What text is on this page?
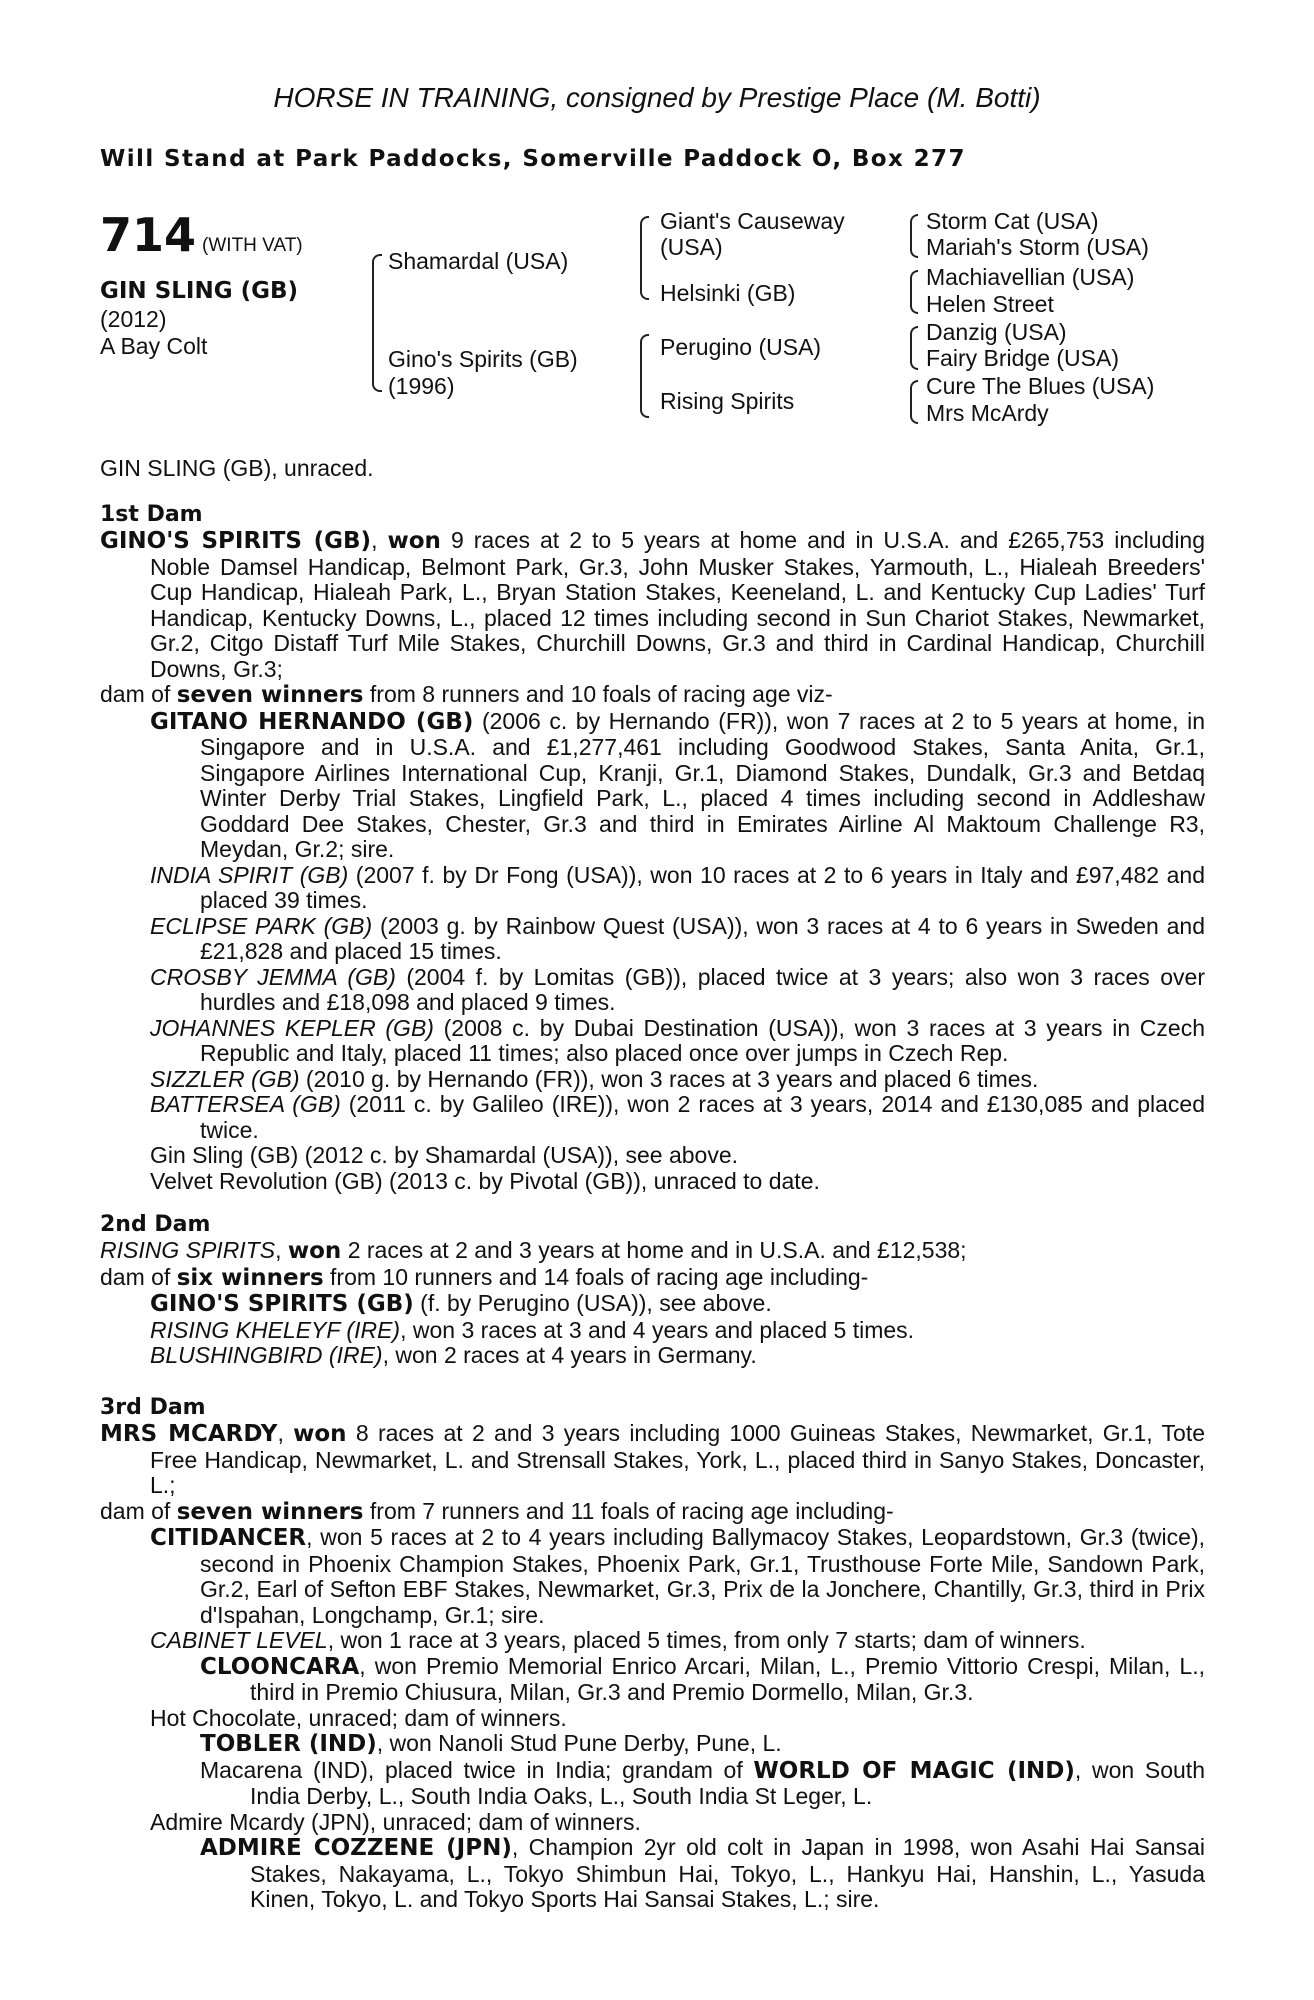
HORSE IN TRAINING, consigned by Prestige Place (M. Botti)
Will Stand at Park Paddocks, Somerville Paddock O, Box 277
714 (WITH VAT)
GIN SLING (GB)
(2012)
A Bay Colt
Shamardal (USA)
Gino's Spirits (GB)
(1996)
Giant's Causeway
(USA)
Helsinki (GB)
Perugino (USA)
Rising Spirits
Storm Cat (USA)
Mariah's Storm (USA)
Machiavellian (USA)
Helen Street
Danzig (USA)
Fairy Bridge (USA)
Cure The Blues (USA)
Mrs McArdy
GIN SLING (GB), unraced.

1st Dam

GINO'S SPIRITS (GB), won 9 races at 2 to 5 years at home and in U.S.A. and £265,753 including Noble Damsel Handicap, Belmont Park, Gr.3, John Musker Stakes, Yarmouth, L., Hialeah Breeders' Cup Handicap, Hialeah Park, L., Bryan Station Stakes, Keeneland, L. and Kentucky Cup Ladies' Turf Handicap, Kentucky Downs, L., placed 12 times including second in Sun Chariot Stakes, Newmarket, Gr.2, Citgo Distaff Turf Mile Stakes, Churchill Downs, Gr.3 and third in Cardinal Handicap, Churchill Downs, Gr.3;

dam of seven winners from 8 runners and 10 foals of racing age viz-

GITANO HERNANDO (GB) (2006 c. by Hernando (FR)), won 7 races at 2 to 5 years at home, in Singapore and in U.S.A. and £1,277,461 including Goodwood Stakes, Santa Anita, Gr.1, Singapore Airlines International Cup, Kranji, Gr.1, Diamond Stakes, Dundalk, Gr.3 and Betdaq Winter Derby Trial Stakes, Lingfield Park, L., placed 4 times including second in Addleshaw Goddard Dee Stakes, Chester, Gr.3 and third in Emirates Airline Al Maktoum Challenge R3, Meydan, Gr.2; sire.

INDIA SPIRIT (GB) (2007 f. by Dr Fong (USA)), won 10 races at 2 to 6 years in Italy and £97,482 and placed 39 times.

ECLIPSE PARK (GB) (2003 g. by Rainbow Quest (USA)), won 3 races at 4 to 6 years in Sweden and £21,828 and placed 15 times.

CROSBY JEMMA (GB) (2004 f. by Lomitas (GB)), placed twice at 3 years; also won 3 races over hurdles and £18,098 and placed 9 times.

JOHANNES KEPLER (GB) (2008 c. by Dubai Destination (USA)), won 3 races at 3 years in Czech Republic and Italy, placed 11 times; also placed once over jumps in Czech Rep.

SIZZLER (GB) (2010 g. by Hernando (FR)), won 3 races at 3 years and placed 6 times.

BATTERSEA (GB) (2011 c. by Galileo (IRE)), won 2 races at 3 years, 2014 and £130,085 and placed twice.

Gin Sling (GB) (2012 c. by Shamardal (USA)), see above.

Velvet Revolution (GB) (2013 c. by Pivotal (GB)), unraced to date.

2nd Dam

RISING SPIRITS, won 2 races at 2 and 3 years at home and in U.S.A. and £12,538;

dam of six winners from 10 runners and 14 foals of racing age including-

GINO'S SPIRITS (GB) (f. by Perugino (USA)), see above.

RISING KHELEYF (IRE), won 3 races at 3 and 4 years and placed 5 times.

BLUSHINGBIRD (IRE), won 2 races at 4 years in Germany.

3rd Dam

MRS MCARDY, won 8 races at 2 and 3 years including 1000 Guineas Stakes, Newmarket, Gr.1, Tote Free Handicap, Newmarket, L. and Strensall Stakes, York, L., placed third in Sanyo Stakes, Doncaster, L.;

dam of seven winners from 7 runners and 11 foals of racing age including-

CITIDANCER, won 5 races at 2 to 4 years including Ballymacoy Stakes, Leopardstown, Gr.3 (twice), second in Phoenix Champion Stakes, Phoenix Park, Gr.1, Trusthouse Forte Mile, Sandown Park, Gr.2, Earl of Sefton EBF Stakes, Newmarket, Gr.3, Prix de la Jonchere, Chantilly, Gr.3, third in Prix d'Ispahan, Longchamp, Gr.1; sire.

CABINET LEVEL, won 1 race at 3 years, placed 5 times, from only 7 starts; dam of winners.

CLOONCARA, won Premio Memorial Enrico Arcari, Milan, L., Premio Vittorio Crespi, Milan, L., third in Premio Chiusura, Milan, Gr.3 and Premio Dormello, Milan, Gr.3.

Hot Chocolate, unraced; dam of winners.

TOBLER (IND), won Nanoli Stud Pune Derby, Pune, L.

Macarena (IND), placed twice in India; grandam of WORLD OF MAGIC (IND), won South India Derby, L., South India Oaks, L., South India St Leger, L.

Admire Mcardy (JPN), unraced; dam of winners.

ADMIRE COZZENE (JPN), Champion 2yr old colt in Japan in 1998, won Asahi Hai Sansai Stakes, Nakayama, L., Tokyo Shimbun Hai, Tokyo, L., Hankyu Hai, Hanshin, L., Yasuda Kinen, Tokyo, L. and Tokyo Sports Hai Sansai Stakes, L.; sire.
